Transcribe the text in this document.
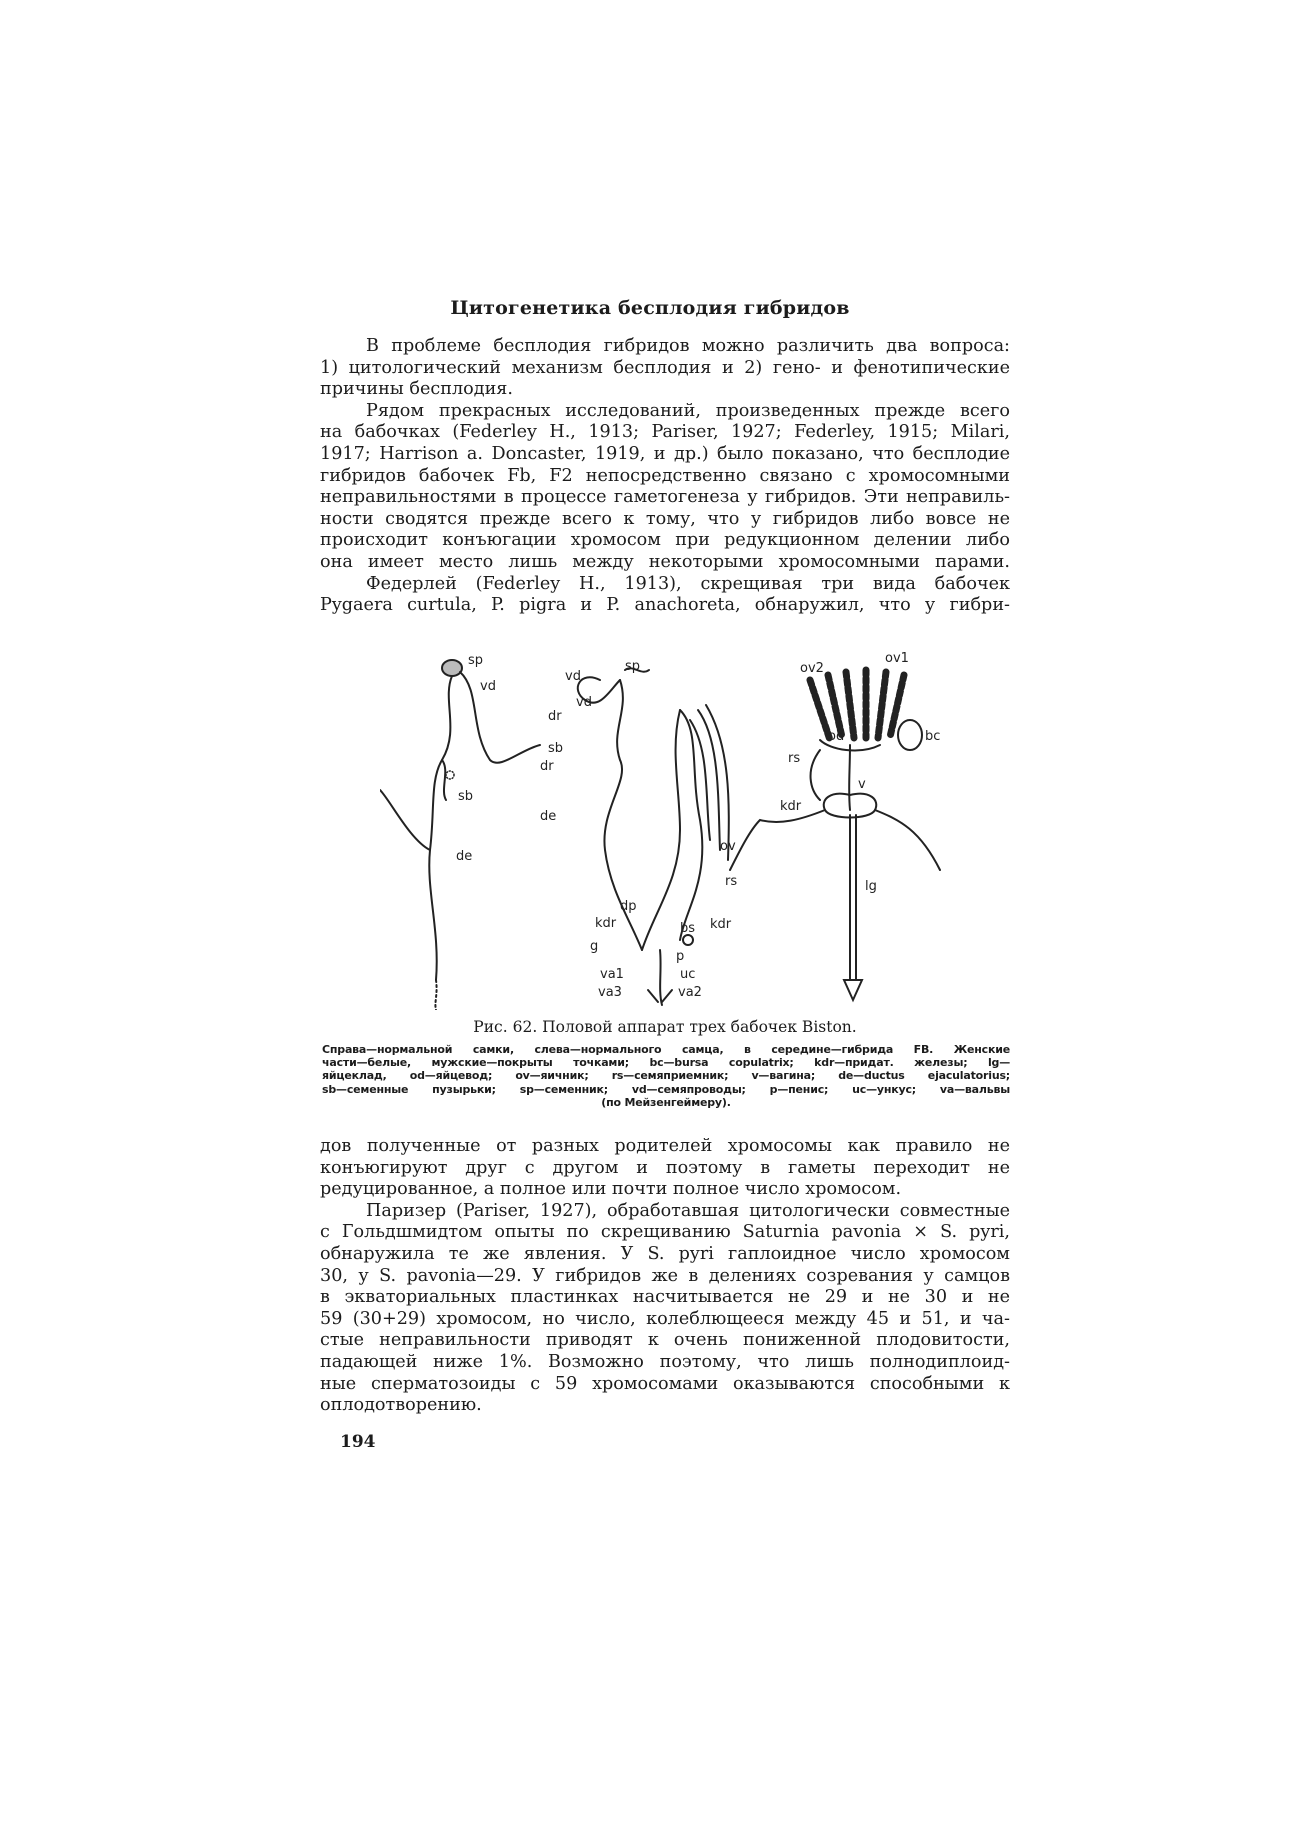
Цитогенетика бесплодия гибридов
В проблеме бесплодия гибридов можно различить два вопроса:
1) цитологический механизм бесплодия и 2) гено- и фенотипические
причины бесплодия.
Рядом прекрасных исследований, произведенных прежде всего
на бабочках (Federley H., 1913; Pariser, 1927; Federley, 1915; Milari,
1917; Harrison a. Doncaster, 1919, и др.) было показано, что бесплодие
гибридов бабочек Fb, F2 непосредственно связано с хромосомными
неправильностями в процессе гаметогенеза у гибридов. Эти неправиль-
ности сводятся прежде всего к тому, что у гибридов либо вовсе не
происходит конъюгации хромосом при редукционном делении либо
она имеет место лишь между некоторыми хромосомными парами.
Федерлей (Federley H., 1913), скрещивая три вида бабочек
Pygaera curtula, P. pigra и P. anachoreta, обнаружил, что у гибри-
sp
vd
dr
sb
de
vd
sp
vd
dr
sb
de
ov
rs
dp
kdr	bs kdr
g
p
va1	uc
va3	va2
ov2
ov1
od	bc
rs
v
kdr
lg
Рис. 62. Половой аппарат трех бабочек Biston.
Справа—нормальной самки, слева—нормального самца, в середине—гибрида FB. Женские
части—белые, мужские—покрыты точками; bc—bursa copulatrix; kdr—придат. железы; lg—
яйцеклад, od—яйцевод; ov—яичник; rs—семяприемник; v—вагина; de—ductus ejaculatorius;
sb—семенные пузырьки; sp—семенник; vd—семяпроводы; p—пенис; uc—ункус; va—вальвы
(по Мейзенгеймеру).
дов полученные от разных родителей хромосомы как правило не
конъюгируют друг с другом и поэтому в гаметы переходит не
редуцированное, а полное или почти полное число хромосом.
Паризер (Pariser, 1927), обработавшая цитологически совместные
с Гольдшмидтом опыты по скрещиванию Saturnia pavonia × S. pyri,
обнаружила те же явления. У S. pyri гаплоидное число хромосом
30, у S. pavonia—29. У гибридов же в делениях созревания у самцов
в экваториальных пластинках насчитывается не 29 и не 30 и не
59 (30+29) хромосом, но число, колеблющееся между 45 и 51, и ча-
стые неправильности приводят к очень пониженной плодовитости,
падающей ниже 1%. Возможно поэтому, что лишь полнодиплоид-
ные сперматозоиды с 59 хромосомами оказываются способными к
оплодотворению.
194
